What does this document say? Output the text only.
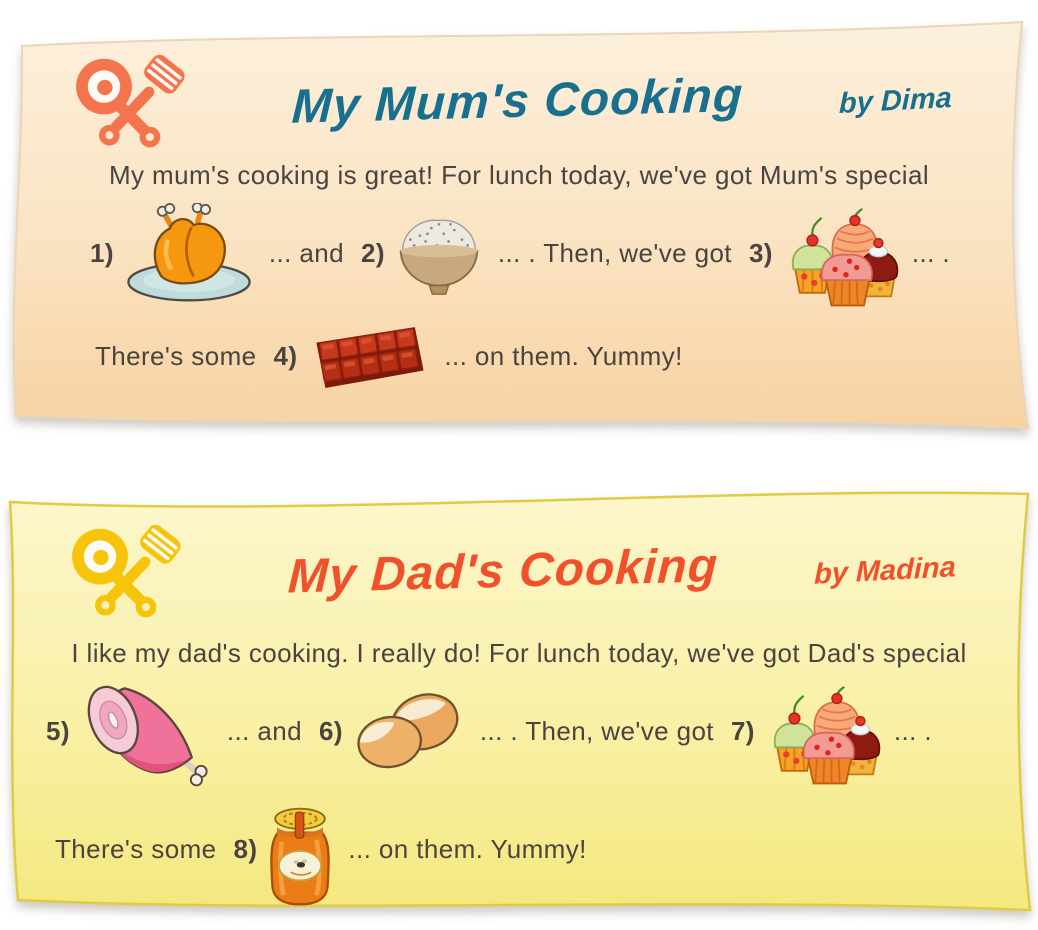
My Mum's Cooking	by Dima

My mum's cooking is great! For lunch today, we've got Mum's special

1)	... and 2)	... . Then, we've got 3)	... .
There's some 4)	... on them. Yummy!
My Dad's Cooking	by Madina

I like my dad's cooking. I really do! For lunch today, we've got Dad's special

5)	... and 6)	... . Then, we've got 7)	... .
There's some 8)	... on them. Yummy!
